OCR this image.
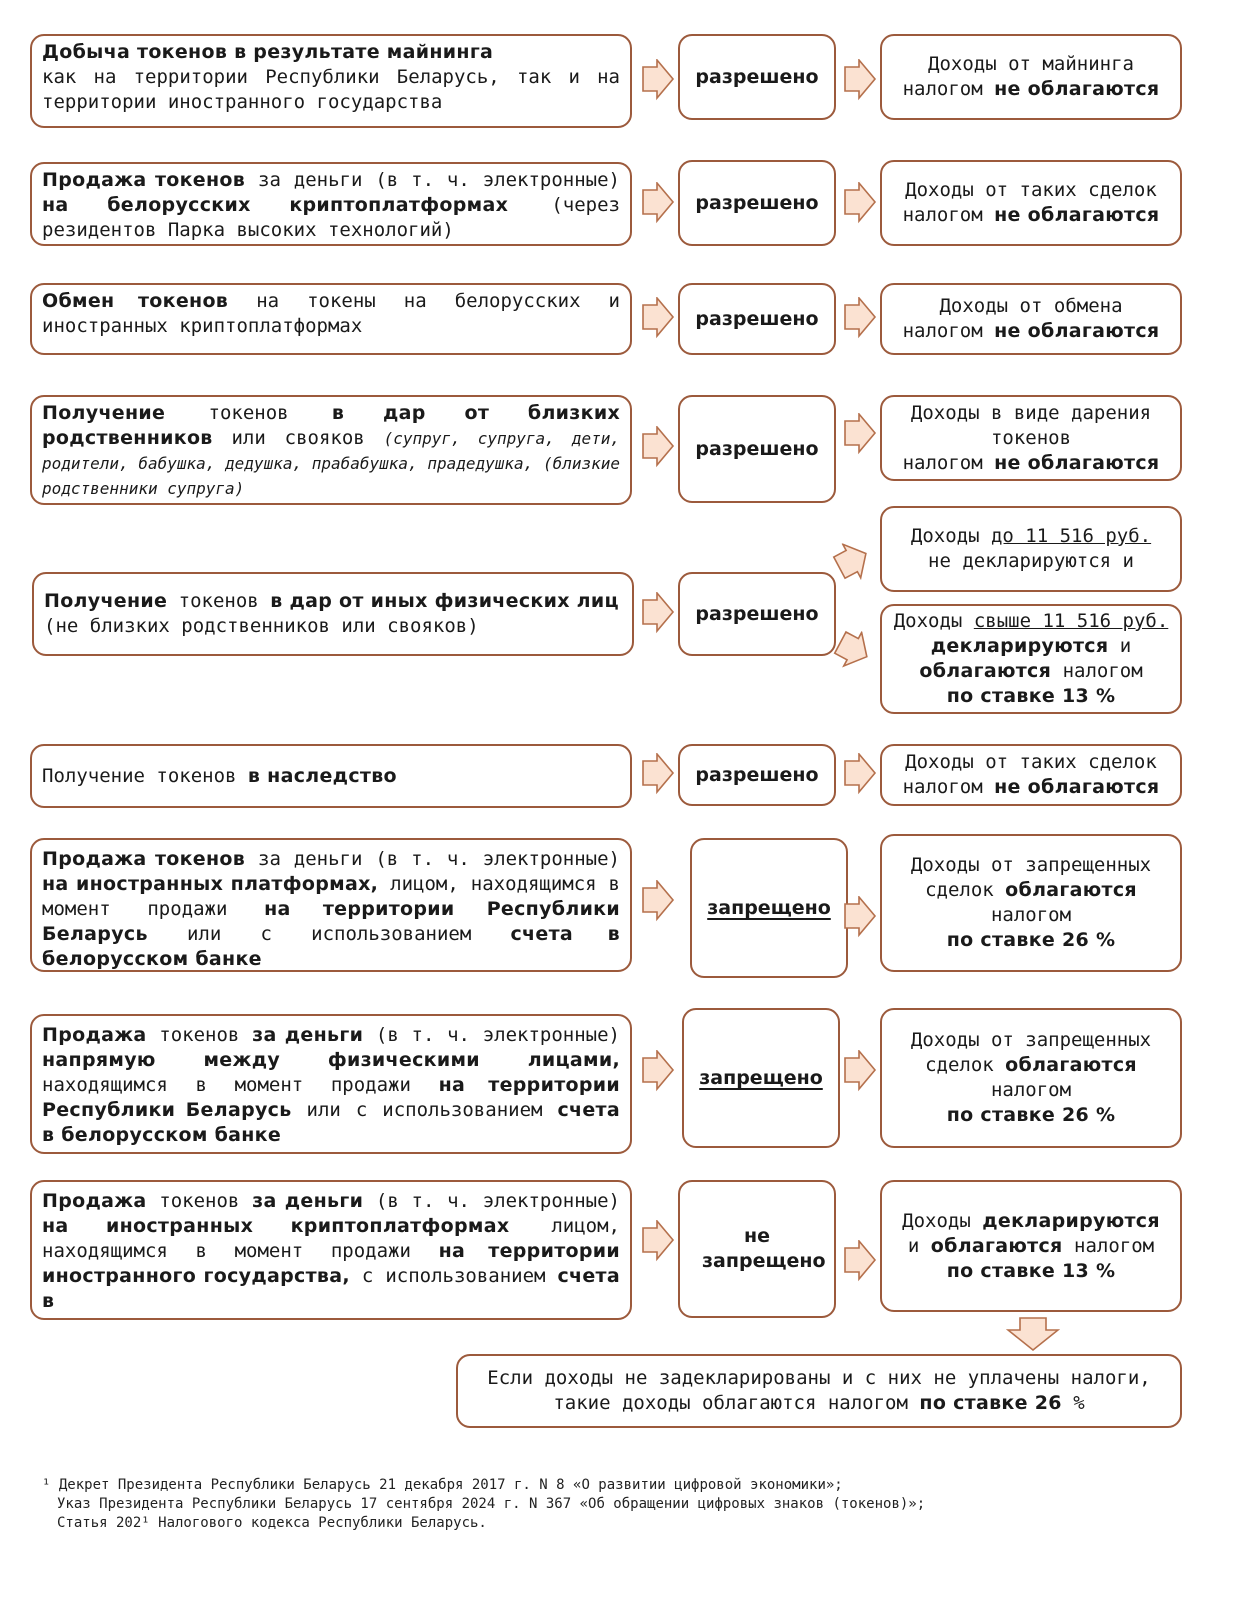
Добыча токенов в результате майнинга
как на территории Республики Беларусь, так и на территории иностранного государства
разрешено
Доходы от майнинга
налогом не облагаются
Продажа токенов за деньги (в т. ч. электронные) на белорусских криптоплатформах (через резидентов Парка высоких технологий)
разрешено
Доходы от таких сделок
налогом не облагаются
Обмен токенов на токены на белорусских и иностранных криптоплатформах	разрешено
Доходы от обмена
налогом не облагаются
Получение токенов в дар от близких родственников или свояков (супруг, супруга, дети, родители, бабушка, дедушка, прабабушка, прадедушка, (близкие родственники супруга)
разрешено
Доходы в виде дарения токенов
налогом не облагаются
Доходы до 11 516 руб.
не декларируются и
Получение токенов в дар от иных физических лиц (не близких родственников или свояков)
разрешено	Доходы свыше 11 516 руб. декларируются и
облагаются налогом
по ставке 13 %
Получение токенов в наследство	разрешено
Доходы от таких сделок
налогом не облагаются
Продажа токенов за деньги (в т. ч. электронные) на иностранных платформах, лицом, находящимся в момент продажи на территории Республики Беларусь или с использованием счета в белорусском банке
запрещено
Доходы от запрещенных сделок облагаются
налогом
по ставке 26 %
Продажа токенов за деньги (в т. ч. электронные) напрямую между физическими лицами, находящимся в момент продажи на территории Республики Беларусь или с использованием счета в белорусском банке
запрещено
Доходы от запрещенных сделок облагаются
налогом
по ставке 26 %
Продажа токенов за деньги (в т. ч. электронные) на иностранных криптоплатформах лицом, находящимся в момент продажи на территории иностранного государства, с использованием счета в
не запрещено
Доходы декларируются
и облагаются налогом
по ставке 13 %
Если доходы не задекларированы и с них не уплачены налоги, такие доходы облагаются налогом по ставке 26 %
¹ Декрет Президента Республики Беларусь 21 декабря 2017 г. N 8 «О развитии цифровой экономики»;
Указ Президента Республики Беларусь 17 сентября 2024 г. N 367 «Об обращении цифровых знаков (токенов)»;
Статья 202¹ Налогового кодекса Республики Беларусь.
